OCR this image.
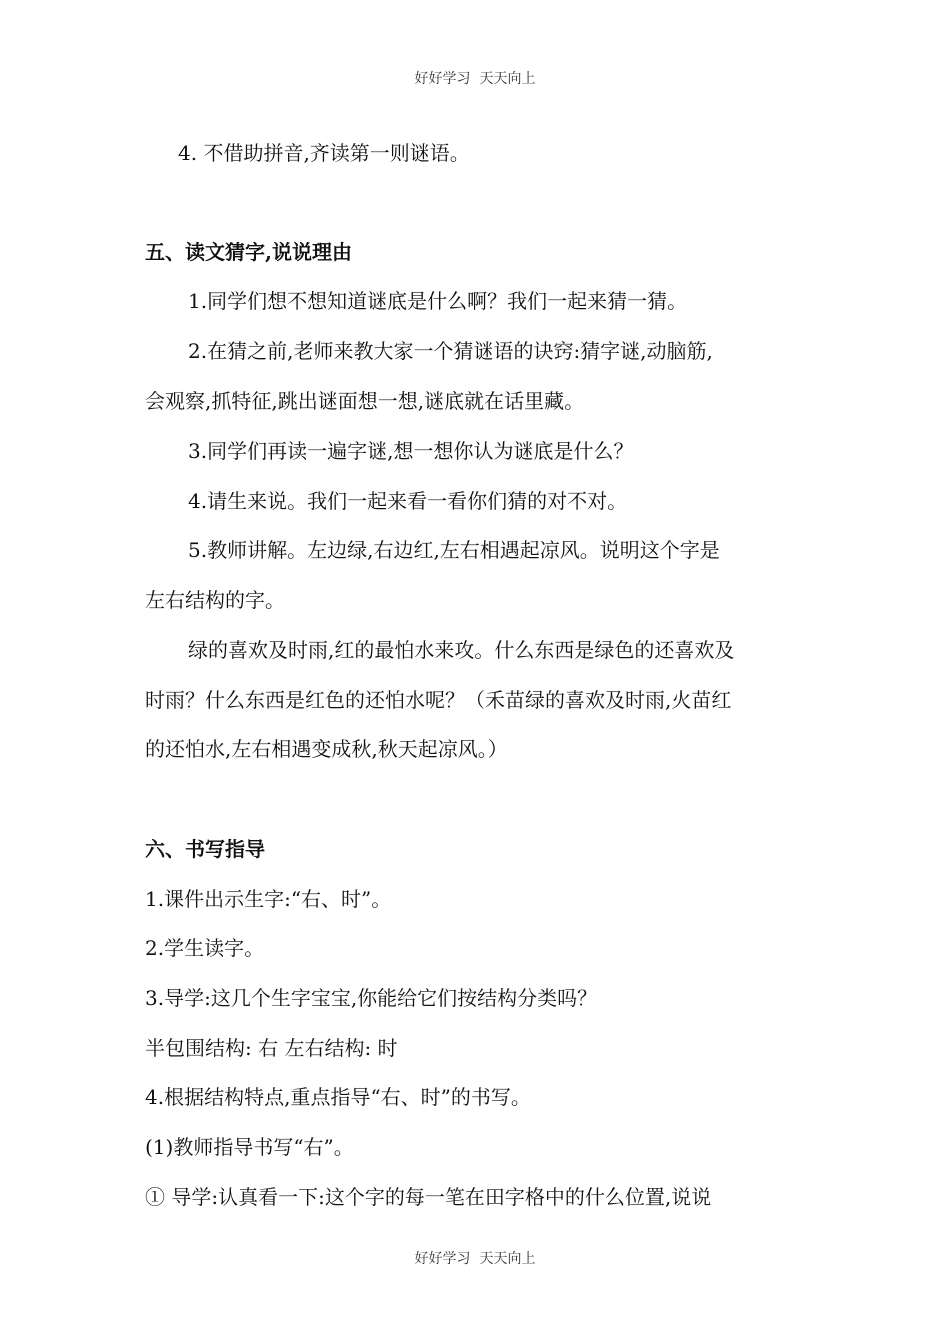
好好学习  天天向上
4. 不借助拼音,齐读第一则谜语。
五、读文猜字,说说理由
1.同学们想不想知道谜底是什么啊？我们一起来猜一猜。
2.在猜之前,老师来教大家一个猜谜语的诀窍:猜字谜,动脑筋,
会观察,抓特征,跳出谜面想一想,谜底就在话里藏。
3.同学们再读一遍字谜,想一想你认为谜底是什么？
4.请生来说。我们一起来看一看你们猜的对不对。
5.教师讲解。左边绿,右边红,左右相遇起凉风。说明这个字是
左右结构的字。
绿的喜欢及时雨,红的最怕水来攻。什么东西是绿色的还喜欢及
时雨？什么东西是红色的还怕水呢？（禾苗绿的喜欢及时雨,火苗红
的还怕水,左右相遇变成秋,秋天起凉风。）
六、书写指导
1.课件出示生字:“右、时”。
2.学生读字。
3.导学:这几个生字宝宝,你能给它们按结构分类吗？
半包围结构: 右 左右结构: 时
4.根据结构特点,重点指导“右、时”的书写。
(1)教师指导书写“右”。
① 导学:认真看一下:这个字的每一笔在田字格中的什么位置,说说
好好学习  天天向上
